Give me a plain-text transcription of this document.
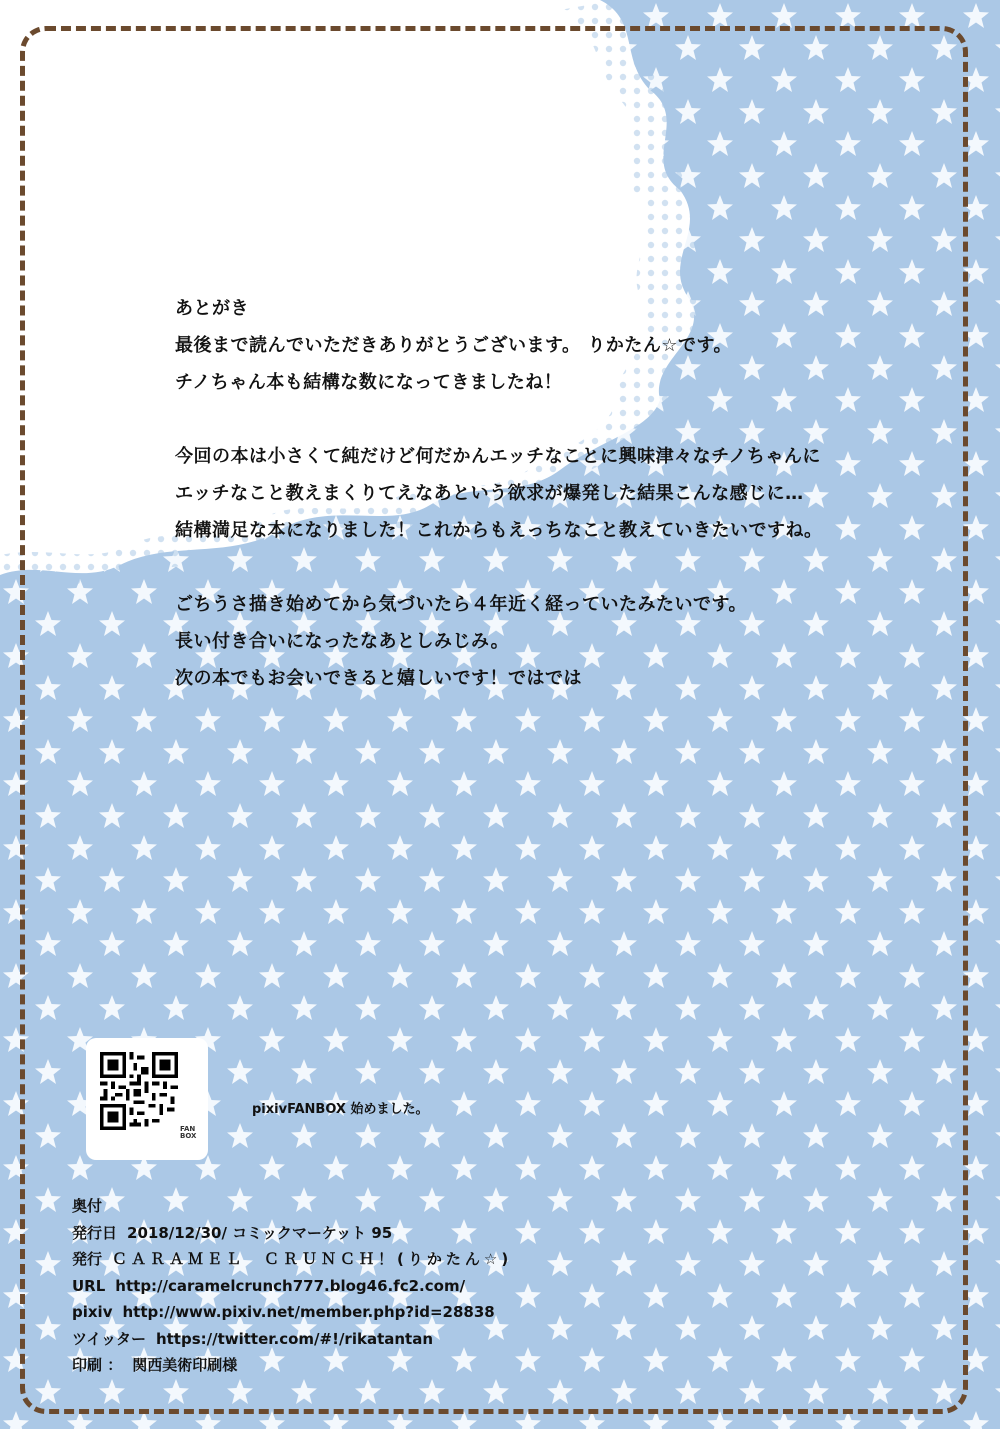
あとがき

最後まで読んでいただきありがとうございます。 りかたん☆です。

チノちゃん本も結構な数になってきましたね！

今回の本は小さくて純だけど何だかんエッチなことに興味津々なチノちゃんに

エッチなこと教えまくりてえなあという欲求が爆発した結果こんな感じに…

結構満足な本になりました！これからもえっちなこと教えていきたいですね。

ごちうさ描き始めてから気づいたら４年近く経っていたみたいです。

長い付き合いになったなあとしみじみ。

次の本でもお会いできると嬉しいです！ではでは

FAN
BOX
pixivFANBOX 始めました。
奥付
発行日 2018/12/30/ コミックマーケット 95
発行 ＣＡＲＡＭＥＬ　ＣＲＵＮＣＨ！(りかたん☆)
URL http://caramelcrunch777.blog46.fc2.com/
pixiv http://www.pixiv.net/member.php?id=28838
ツイッター https://twitter.com/#!/rikatantan
印刷 ： 関西美術印刷様
